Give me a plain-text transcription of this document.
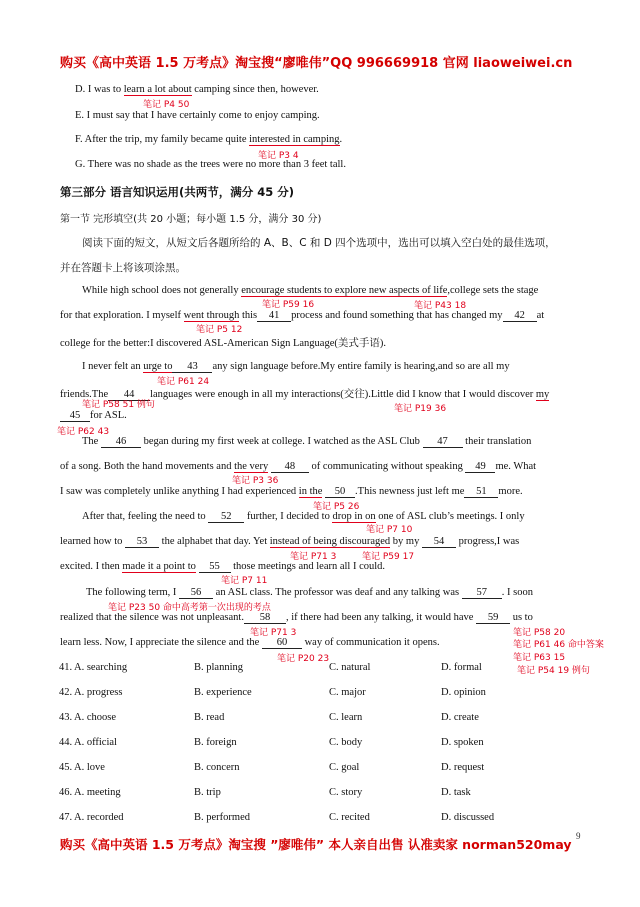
购买《高中英语 1.5 万考点》淘宝搜“廖唯伟”QQ 996669918 官网 liaoweiwei.cn
D. I was to learn a lot about camping since then, however.
笔记 P4 50
E. I must say that I have certainly come to enjoy camping.
F. After the trip, my family became quite interested in camping.
笔记 P3 4
G. There was no shade as the trees were no more than 3 feet tall.
第三部分 语言知识运用(共两节，满分 45 分)
第一节 完形填空(共 20 小题；每小题 1.5 分，满分 30 分)
阅读下面的短文，从短文后各题所给的 A、B、C 和 D 四个选项中，选出可以填入空白处的最佳选项，
并在答题卡上将该项涂黑。
While high school does not generally encourage students to explore new aspects of life,college sets the stage
笔记 P59 16	笔记 P43 18
for that exploration. I myself went through this 41 process and found something that has changed my 42 at
笔记 P5 12
college for the better:I discovered ASL-American Sign Language(美式手语).
I never felt an urge to 43 any sign language before.My entire family is hearing,and so are all my
笔记 P61 24
friends.The 44 languages were enough in all my interactions(交往).Little did I know that I would discover my
笔记 P58 51 例句	笔记 P19 36
45 for ASL.
笔记 P62 43
The 46 began during my first week at college. I watched as the ASL Club 47 their translation
of a song. Both the hand movements and the very 48 of communicating without speaking 49 me. What
笔记 P3 36
I saw was completely unlike anything I had experienced in the 50 .This newness just left me 51 more.
笔记 P5 26
After that, feeling the need to 52 further, I decided to drop in on one of ASL club’s meetings. I only
笔记 P7 10
learned how to 53 the alphabet that day. Yet instead of being discouraged by my 54 progress,I was
笔记 P71 3	笔记 P59 17
excited. I then made it a point to 55 those meetings and learn all I could.
笔记 P7 11
The following term, I 56 an ASL class. The professor was deaf and any talking was 57 . I soon
笔记 P23 50 命中高考第一次出现的考点
realized that the silence was not unpleasant. 58 , if there had been any talking, it would have 59 us to
笔记 P71 3	笔记 P58 20
learn less. Now, I appreciate the silence and the 60 way of communication it opens.	笔记 P61 46 命中答案
笔记 P20 23	笔记 P63 15
笔记 P54 19 例句
41. A. searching	B. planning	C. natural	D. formal
42. A. progress	B. experience	C. major	D. opinion
43. A. choose	B. read	C. learn	D. create
44. A. official	B. foreign	C. body	D. spoken
45. A. love	B. concern	C. goal	D. request
46. A. meeting	B. trip	C. story	D. task
47. A. recorded	B. performed	C. recited	D. discussed
9
购买《高中英语 1.5 万考点》淘宝搜 ”廖唯伟” 本人亲自出售 认准卖家 norman520may
